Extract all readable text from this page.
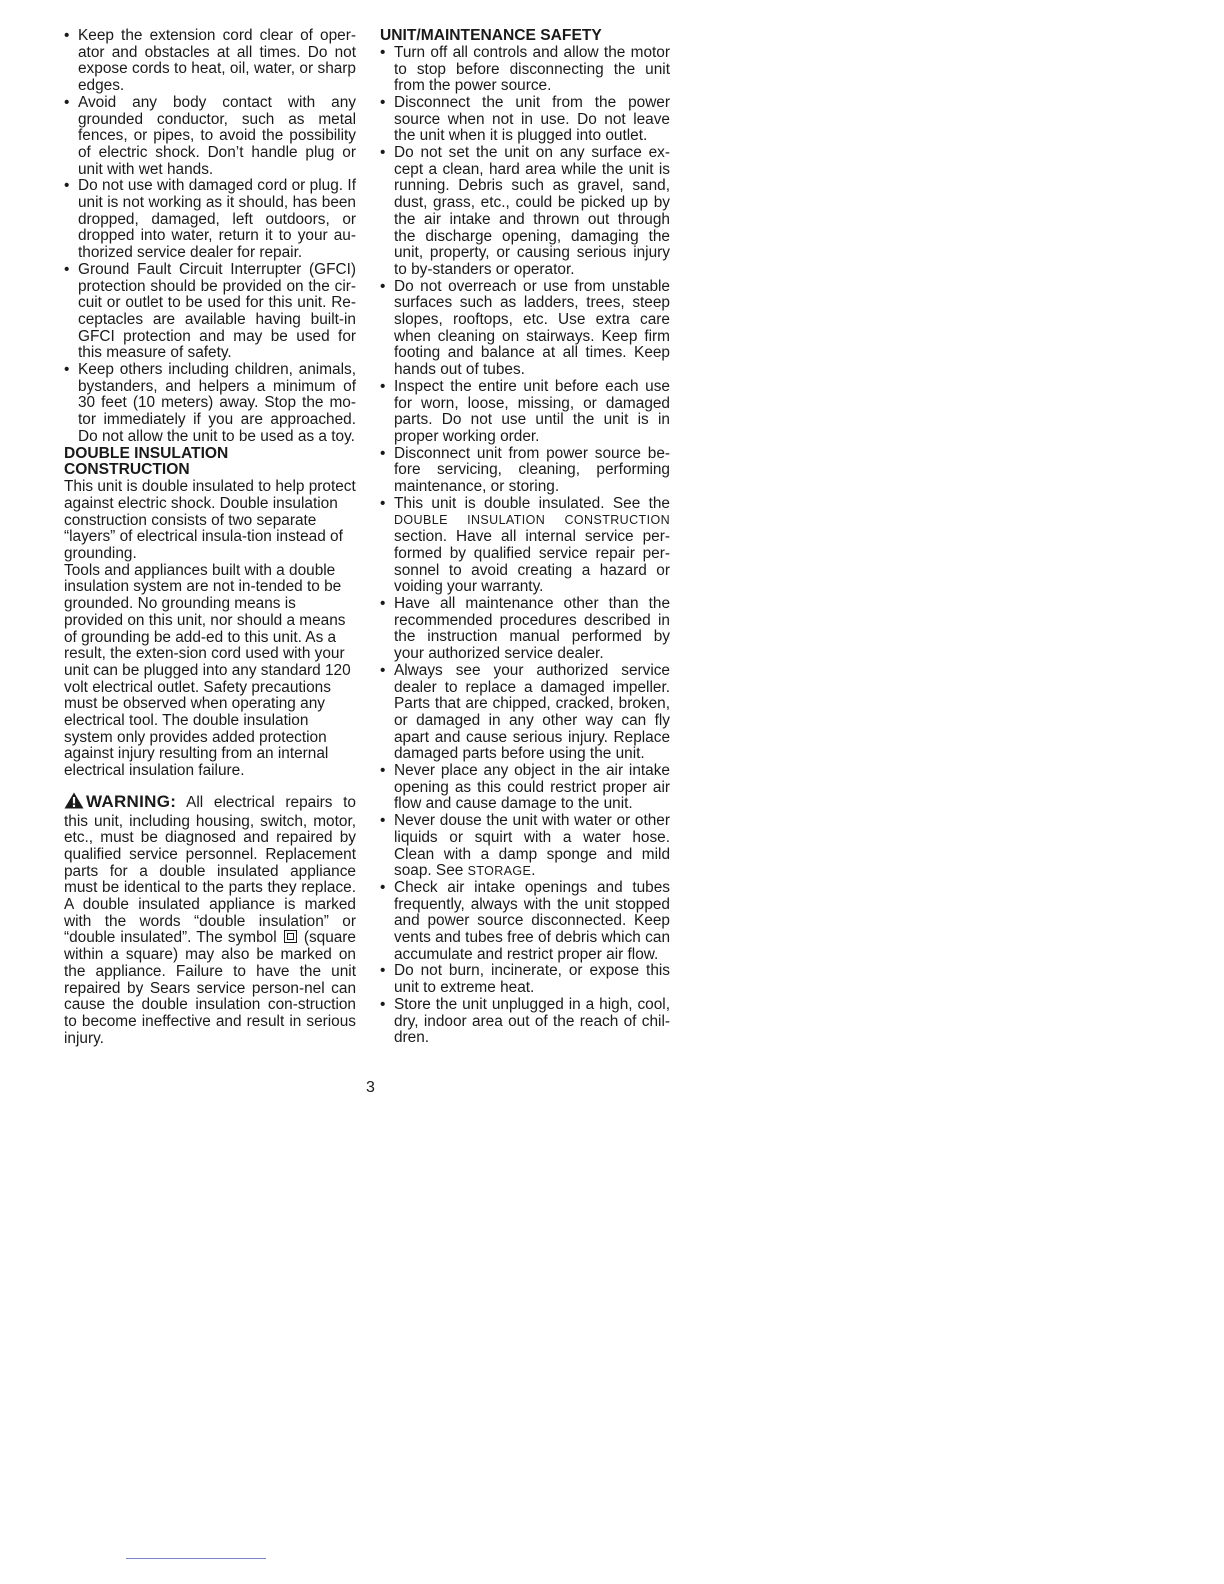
• Keep the extension cord clear of oper-ator and obstacles at all times. Do not expose cords to heat, oil, water, or sharp edges.
• Avoid any body contact with any grounded conductor, such as metal fences, or pipes, to avoid the possibility of electric shock. Don’t handle plug or unit with wet hands.
• Do not use with damaged cord or plug. If unit is not working as it should, has been dropped, damaged, left outdoors, or dropped into water, return it to your au-thorized service dealer for repair.
• Ground Fault Circuit Interrupter (GFCI) protection should be provided on the cir-cuit or outlet to be used for this unit. Re-ceptacles are available having built-in GFCI protection and may be used for this measure of safety.
• Keep others including children, animals, bystanders, and helpers a minimum of 30 feet (10 meters) away. Stop the mo-tor immediately if you are approached. Do not allow the unit to be used as a toy.
DOUBLE INSULATION
CONSTRUCTION

This unit is double insulated to help protect against electric shock. Double insulation construction consists of two separate “layers” of electrical insula-tion instead of grounding.

Tools and appliances built with a double insulation system are not in-tended to be grounded. No grounding means is provided on this unit, nor should a means of grounding be add-ed to this unit. As a result, the exten-sion cord used with your unit can be plugged into any standard 120 volt electrical outlet. Safety precautions must be observed when operating any electrical tool. The double insulation system only provides added protection against injury resulting from an internal electrical insulation failure.

WARNING: All electrical repairs to this unit, including housing, switch, motor, etc., must be diagnosed and repaired by qualified service personnel. Replacement parts for a double insulated appliance must be identical to the parts they replace. A double insulated appliance is marked with the words “double insulation” or “double insulated”. The symbol (square within a square) may also be marked on the appliance. Failure to have the unit repaired by Sears service person-nel can cause the double insulation con-struction to become ineffective and result in serious injury.
UNIT/MAINTENANCE SAFETY
• Turn off all controls and allow the motor to stop before disconnecting the unit from the power source.
• Disconnect the unit from the power source when not in use. Do not leave the unit when it is plugged into outlet.
• Do not set the unit on any surface ex-cept a clean, hard area while the unit is running. Debris such as gravel, sand, dust, grass, etc., could be picked up by the air intake and thrown out through the discharge opening, damaging the unit, property, or causing serious injury to by-standers or operator.
• Do not overreach or use from unstable surfaces such as ladders, trees, steep slopes, rooftops, etc. Use extra care when cleaning on stairways. Keep firm footing and balance at all times. Keep hands out of tubes.
• Inspect the entire unit before each use for worn, loose, missing, or damaged parts. Do not use until the unit is in proper working order.
• Disconnect unit from power source be-fore servicing, cleaning, performing maintenance, or storing.
• This unit is double insulated. See the DOUBLE INSULATION CONSTRUCTION section. Have all internal service per-formed by qualified service repair per-sonnel to avoid creating a hazard or voiding your warranty.
• Have all maintenance other than the recommended procedures described in the instruction manual performed by your authorized service dealer.
• Always see your authorized service dealer to replace a damaged impeller. Parts that are chipped, cracked, broken, or damaged in any other way can fly apart and cause serious injury. Replace damaged parts before using the unit.
• Never place any object in the air intake opening as this could restrict proper air flow and cause damage to the unit.
• Never douse the unit with water or other liquids or squirt with a water hose. Clean with a damp sponge and mild soap. See STORAGE.
• Check air intake openings and tubes frequently, always with the unit stopped and power source disconnected. Keep vents and tubes free of debris which can accumulate and restrict proper air flow.
• Do not burn, incinerate, or expose this unit to extreme heat.
• Store the unit unplugged in a high, cool, dry, indoor area out of the reach of chil-dren.
3
